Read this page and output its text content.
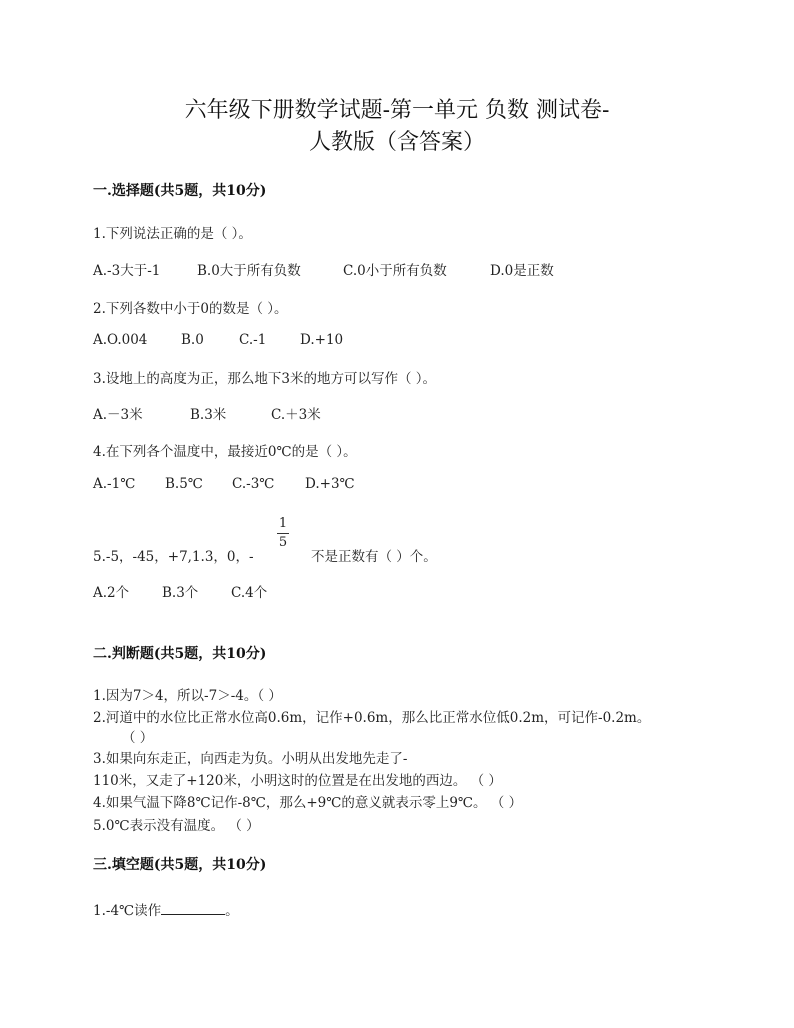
六年级下册数学试题-第一单元 负数 测试卷-
人教版（含答案）
一.选择题(共5题，共10分)
1.下列说法正确的是（ ）。
A.-3大于-1	B.0大于所有负数	C.0小于所有负数	D.0是正数
2.下列各数中小于0的数是（ ）。
A.O.004 B.0	C.-1 D.+10
3.设地上的高度为正，那么地下3米的地方可以写作（ ）。
A.－3米	B.3米	C.＋3米
4.在下列各个温度中，最接近0℃的是（ ）。
A.-1℃ B.5℃ C.-3℃ D.+3℃
5.-5，-45，+7,1.3，0，-
1
5
不是正数有（ ）个。
A.2个 B.3个 C.4个
二.判断题(共5题，共10分)
1.因为7＞4，所以-7＞-4。（ ）
2.河道中的水位比正常水位高0.6m，记作+0.6m，那么比正常水位低0.2m，可记作-0.2m。
（ ）
3.如果向东走正，向西走为负。小明从出发地先走了-
110米，又走了+120米，小明这时的位置是在出发地的西边。 （ ）
4.如果气温下降8℃记作-8℃，那么+9℃的意义就表示零上9℃。 （ ）
5.0℃表示没有温度。 （ ）
三.填空题(共5题，共10分)
1.-4℃读作	。
